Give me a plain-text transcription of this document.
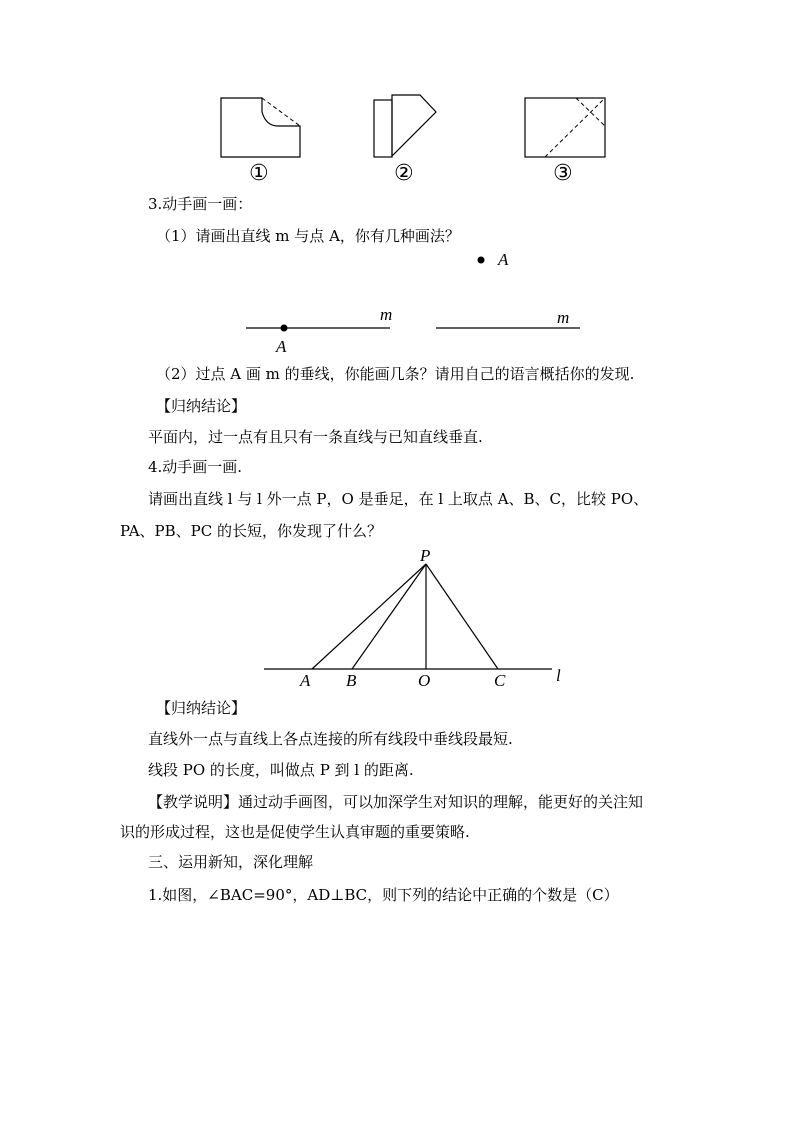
①	②	③
3.动手画一画：
（1）请画出直线 m 与点 A，你有几种画法？
A
m
A
m
（2）过点 A 画 m 的垂线，你能画几条？请用自己的语言概括你的发现.
【归纳结论】
平面内，过一点有且只有一条直线与已知直线垂直.
4.动手画一画.
请画出直线 l 与 l 外一点 P，O 是垂足，在 l 上取点 A、B、C，比较 PO、
PA、PB、PC 的长短，你发现了什么？
P
A B	O	C	l
【归纳结论】
直线外一点与直线上各点连接的所有线段中垂线段最短.
线段 PO 的长度，叫做点 P 到 l 的距离.
【教学说明】通过动手画图，可以加深学生对知识的理解，能更好的关注知
识的形成过程，这也是促使学生认真审题的重要策略.
三、运用新知，深化理解
1.如图，∠BAC=90°，AD⊥BC，则下列的结论中正确的个数是（C）
